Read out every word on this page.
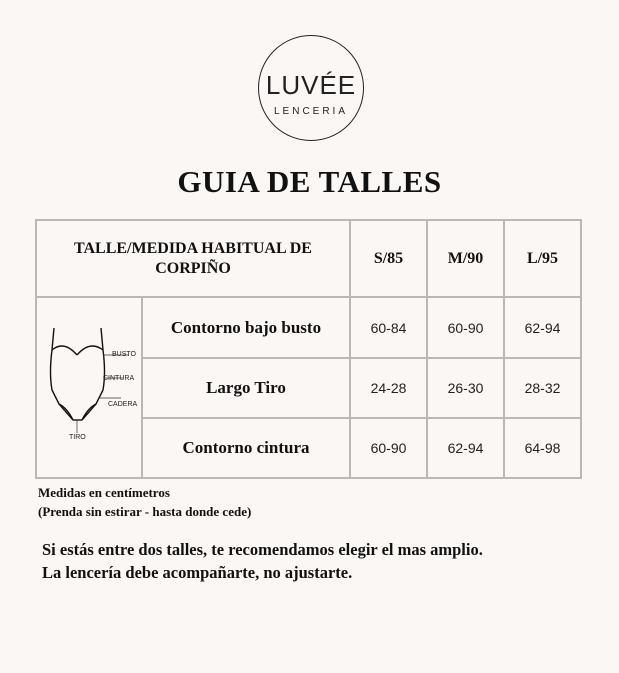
LUVÉE
LENCERIA
GUIA DE TALLES
TALLE/MEDIDA HABITUAL DE CORPIÑO		S/85	M/90	L/95

BUSTO
CINTURA
CADERA
TIRO	Contorno bajo busto	60-84	60-90	62-94
	Largo Tiro	24-28	26-30	28-32
	Contorno cintura	60-90	62-94	64-98
Medidas en centímetros
(Prenda sin estirar - hasta donde cede)
Si estás entre dos talles, te recomendamos elegir el mas amplio.
La lencería debe acompañarte, no ajustarte.
